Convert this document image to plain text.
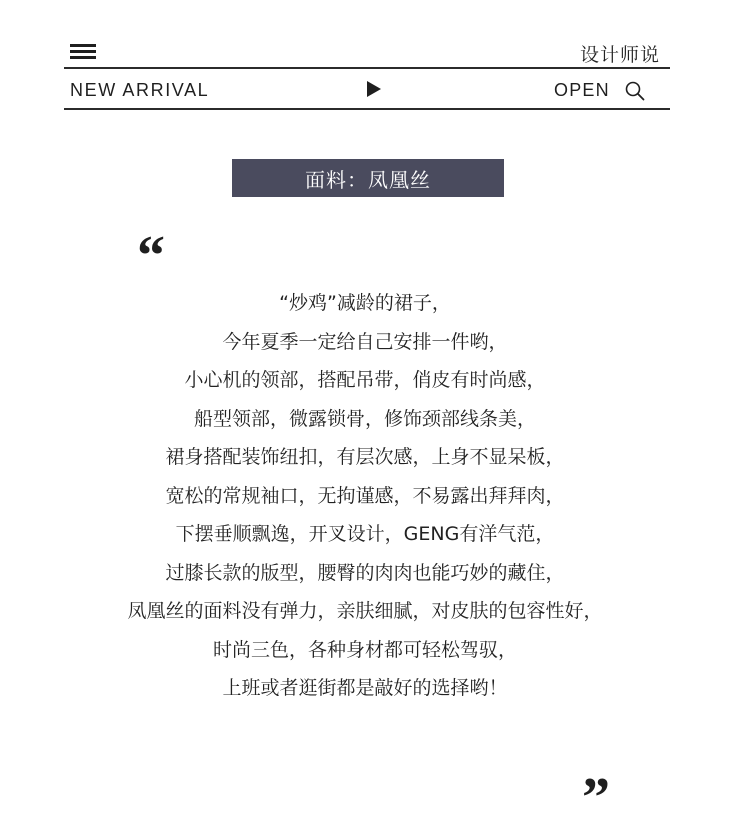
设计师说
NEW ARRIVAL	OPEN
面料：凤凰丝
“
“炒鸡”减龄的裙子，
今年夏季一定给自己安排一件哟，
小心机的领部，搭配吊带，俏皮有时尚感，
船型领部，微露锁骨，修饰颈部线条美，
裙身搭配装饰纽扣，有层次感，上身不显呆板，
宽松的常规袖口，无拘谨感，不易露出拜拜肉，
下摆垂顺飘逸，开叉设计，GENG有洋气范，
过膝长款的版型，腰臀的肉肉也能巧妙的藏住，
凤凰丝的面料没有弹力，亲肤细腻，对皮肤的包容性好，
时尚三色，各种身材都可轻松驾驭，
上班或者逛街都是敲好的选择哟！
”
